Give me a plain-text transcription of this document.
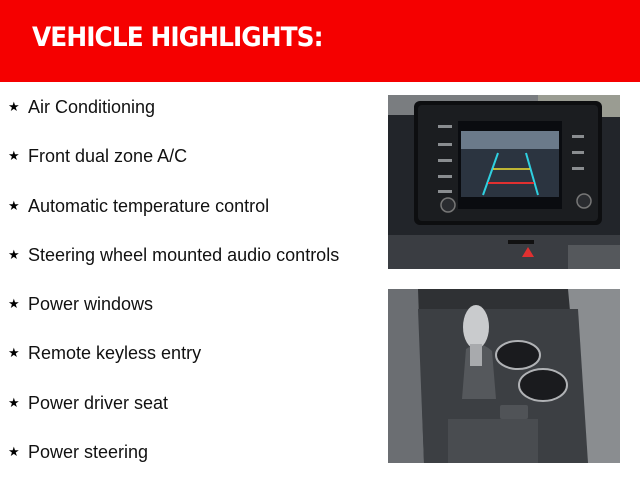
VEHICLE HIGHLIGHTS:
★ Air Conditioning
★ Front dual zone A/C
★ Automatic temperature control
★ Steering wheel mounted audio controls
★ Power windows
★ Remote keyless entry
★ Power driver seat
★ Power steering
